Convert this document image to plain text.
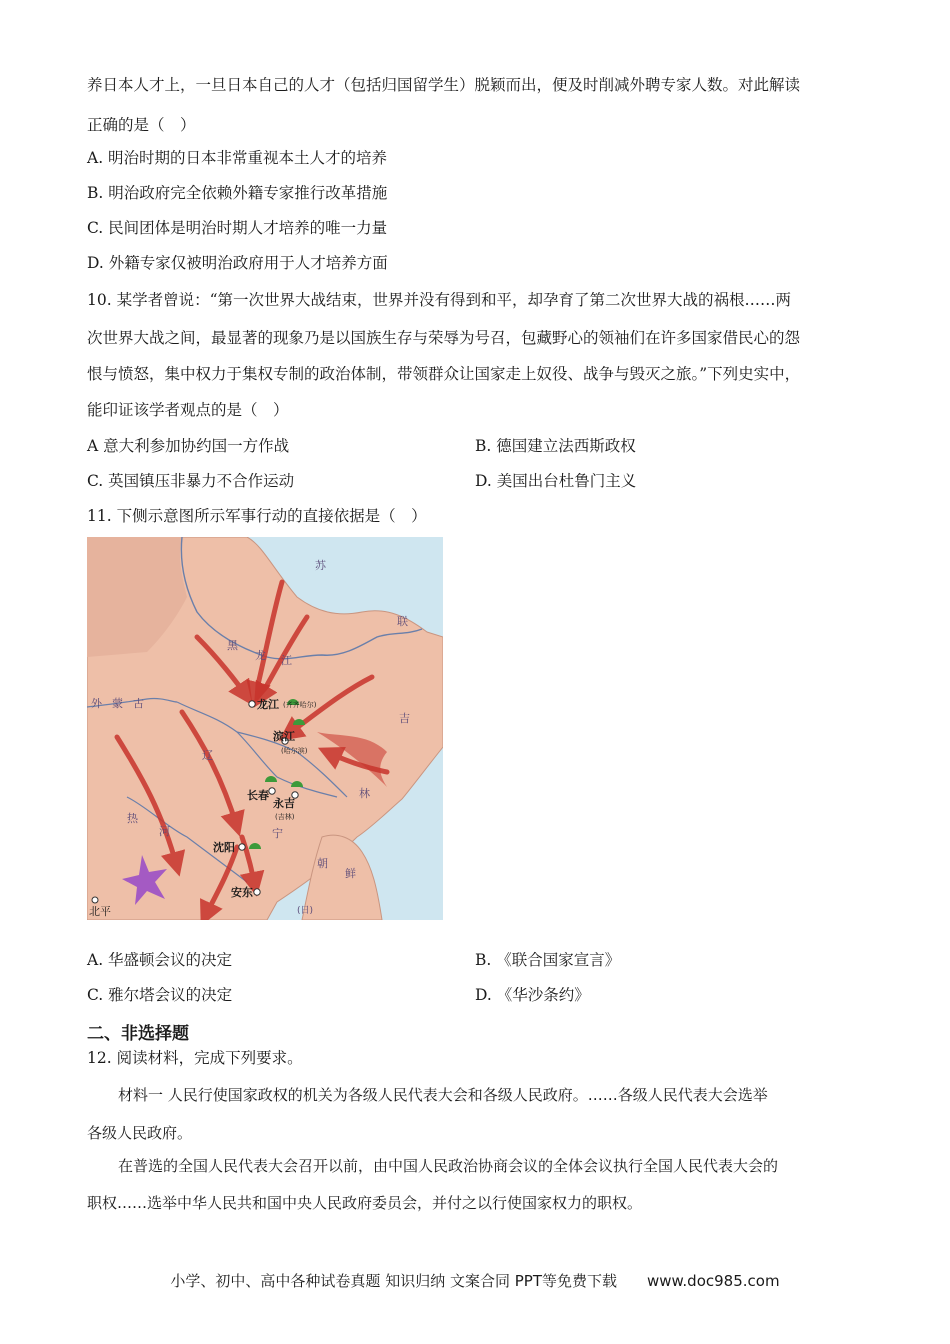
养日本人才上，一旦日本自己的人才（包括归国留学生）脱颖而出，便及时削减外聘专家人数。对此解读
正确的是（　）
A. 明治时期的日本非常重视本土人才的培养
B. 明治政府完全依赖外籍专家推行改革措施
C. 民间团体是明治时期人才培养的唯一力量
D. 外籍专家仅被明治政府用于人才培养方面
10. 某学者曾说：“第一次世界大战结束，世界并没有得到和平，却孕育了第二次世界大战的祸根……两
次世界大战之间，最显著的现象乃是以国族生存与荣辱为号召，包藏野心的领袖们在许多国家借民心的怨
恨与愤怒，集中权力于集权专制的政治体制，带领群众让国家走上奴役、战争与毁灭之旅。”下列史实中，
能印证该学者观点的是（　）
A 意大利参加协约国一方作战	B. 德国建立法西斯政权
C. 英国镇压非暴力不合作运动	D. 美国出台杜鲁门主义
11. 下侧示意图所示军事行动的直接依据是（　）
苏
联
外蒙古
黑
龙 江
吉
林
辽
宁
热
河
朝
鲜
(日)
龙江 (齐齐哈尔)
滨江
(哈尔滨)
长春
永吉
(吉林)
沈阳
安东
北平
A. 华盛顿会议的决定	B. 《联合国家宣言》
C. 雅尔塔会议的决定	D. 《华沙条约》
二、非选择题
12. 阅读材料，完成下列要求。
材料一 人民行使国家政权的机关为各级人民代表大会和各级人民政府。……各级人民代表大会选举
各级人民政府。
在普选的全国人民代表大会召开以前，由中国人民政治协商会议的全体会议执行全国人民代表大会的
职权……选举中华人民共和国中央人民政府委员会，并付之以行使国家权力的职权。
小学、初中、高中各种试卷真题 知识归纳 文案合同 PPT等免费下载　　www.doc985.com
